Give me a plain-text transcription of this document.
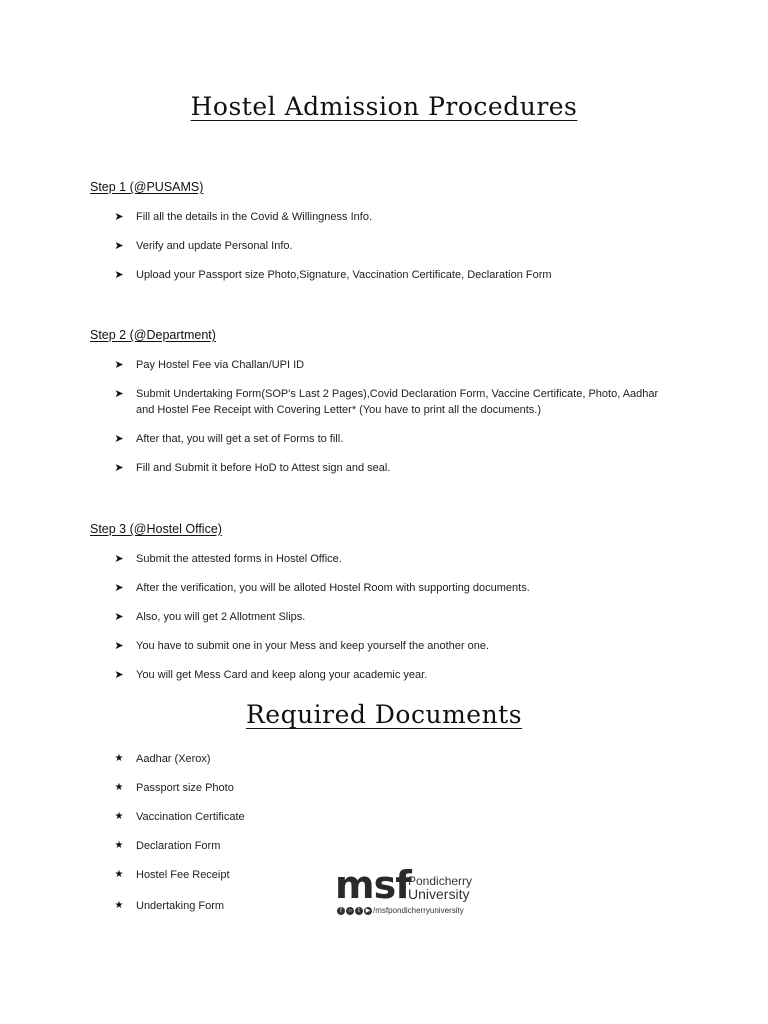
Hostel Admission Procedures
Step 1 (@PUSAMS)
➤ Fill all the details in the Covid & Willingness Info.
➤ Verify and update Personal Info.
➤ Upload your Passport size Photo,Signature, Vaccination Certificate, Declaration Form
Step 2 (@Department)
➤ Pay Hostel Fee via Challan/UPI ID
➤ Submit Undertaking Form(SOP's Last 2 Pages),Covid Declaration Form, Vaccine Certificate, Photo, Aadhar and Hostel Fee Receipt with Covering Letter* (You have to print all the documents.)
➤ After that, you will get a set of Forms to fill.
➤ Fill and Submit it before HoD to Attest sign and seal.
Step 3 (@Hostel Office)
➤ Submit the attested forms in Hostel Office.
➤ After the verification, you will be alloted Hostel Room with supporting documents.
➤ Also, you will get 2 Allotment Slips.
➤ You have to submit one in your Mess and keep yourself the another one.
➤ You will get Mess Card and keep along your academic year.
Required Documents
★ Aadhar (Xerox)
★ Passport size Photo
★ Vaccination Certificate
★ Declaration Form
★ Hostel Fee Receipt
★ Undertaking Form	msf
Pondicherry
University
f	○	t ▶ /msfpondicherryuniversity
